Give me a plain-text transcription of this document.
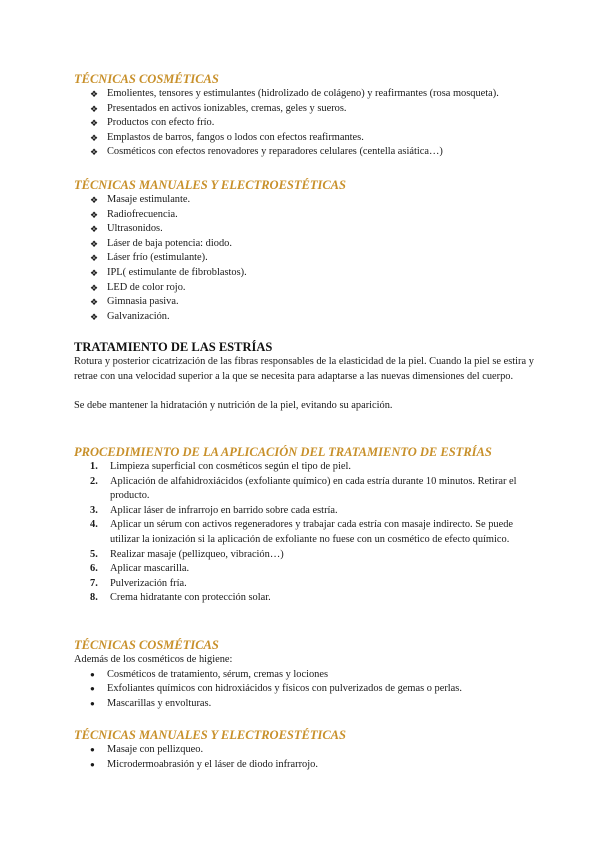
TÉCNICAS COSMÉTICAS
❖ Emolientes, tensores y estimulantes (hidrolizado de colágeno) y reafirmantes (rosa mosqueta).
❖ Presentados en activos ionizables, cremas, geles y sueros.
❖ Productos con efecto frío.
❖ Emplastos de barros, fangos o lodos con efectos reafirmantes.
❖ Cosméticos con efectos renovadores y reparadores celulares (centella asiática…)
TÉCNICAS MANUALES Y ELECTROESTÉTICAS
❖ Masaje estimulante.
❖ Radiofrecuencia.
❖ Ultrasonidos.
❖ Láser de baja potencia: diodo.
❖ Láser frío (estimulante).
❖ IPL( estimulante de fibroblastos).
❖ LED de color rojo.
❖ Gimnasia pasiva.
❖ Galvanización.
TRATAMIENTO DE LAS ESTRÍAS

Rotura y posterior cicatrización de las fibras responsables de la elasticidad de la piel. Cuando la piel se estira y retrae con una velocidad superior a la que se necesita para adaptarse a las nuevas dimensiones del cuerpo.

Se debe mantener la hidratación y nutrición de la piel, evitando su aparición.

PROCEDIMIENTO DE LA APLICACIÓN DEL TRATAMIENTO DE ESTRÍAS
1. Limpieza superficial con cosméticos según el tipo de piel.
2. Aplicación de alfahidroxiácidos (exfoliante químico) en cada estría durante 10 minutos. Retirar el producto.
3. Aplicar láser de infrarrojo en barrido sobre cada estría.
4. Aplicar un sérum con activos regeneradores y trabajar cada estría con masaje indirecto. Se puede utilizar la ionización si la aplicación de exfoliante no fuese con un cosmético de efecto químico.
5. Realizar masaje (pellizqueo, vibración…)
6. Aplicar mascarilla.
7. Pulverización fría.
8. Crema hidratante con protección solar.
TÉCNICAS COSMÉTICAS

Además de los cosméticos de higiene:

● Cosméticos de tratamiento, sérum, cremas y lociones
● Exfoliantes químicos con hidroxiácidos y físicos con pulverizados de gemas o perlas.
● Mascarillas y envolturas.
TÉCNICAS MANUALES Y ELECTROESTÉTICAS
● Masaje con pellizqueo.
● Microdermoabrasión y el láser de diodo infrarrojo.
